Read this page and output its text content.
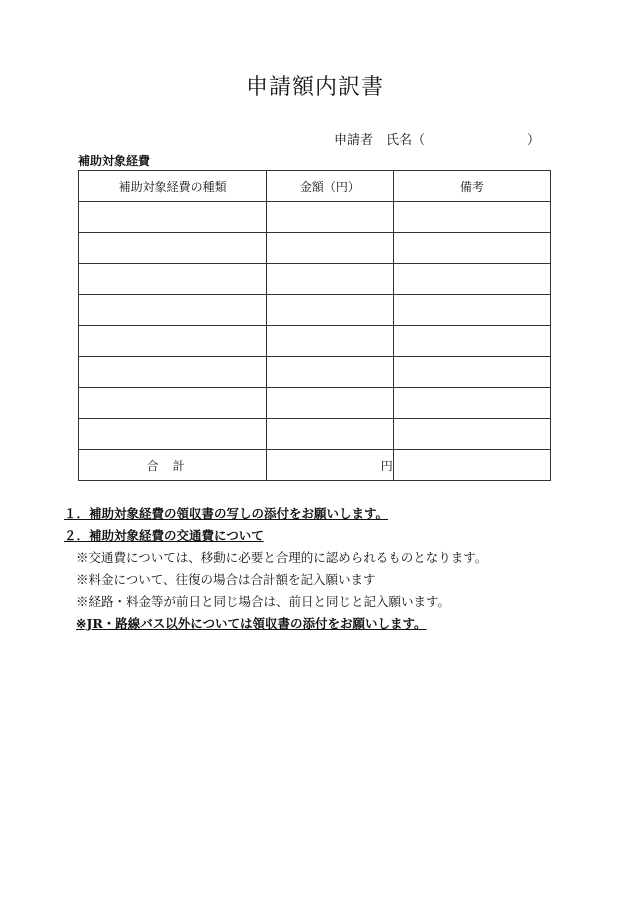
申請額内訳書
申請者　氏名（	）
補助対象経費
補助対象経費の種類	金額（円）	備考

合計	円	
１．補助対象経費の領収書の写しの添付をお願いします。
２．補助対象経費の交通費について
※交通費については、移動に必要と合理的に認められるものとなります。
※料金について、往復の場合は合計額を記入願います
※経路・料金等が前日と同じ場合は、前日と同じと記入願います。
※JR・路線バス以外については領収書の添付をお願いします。
